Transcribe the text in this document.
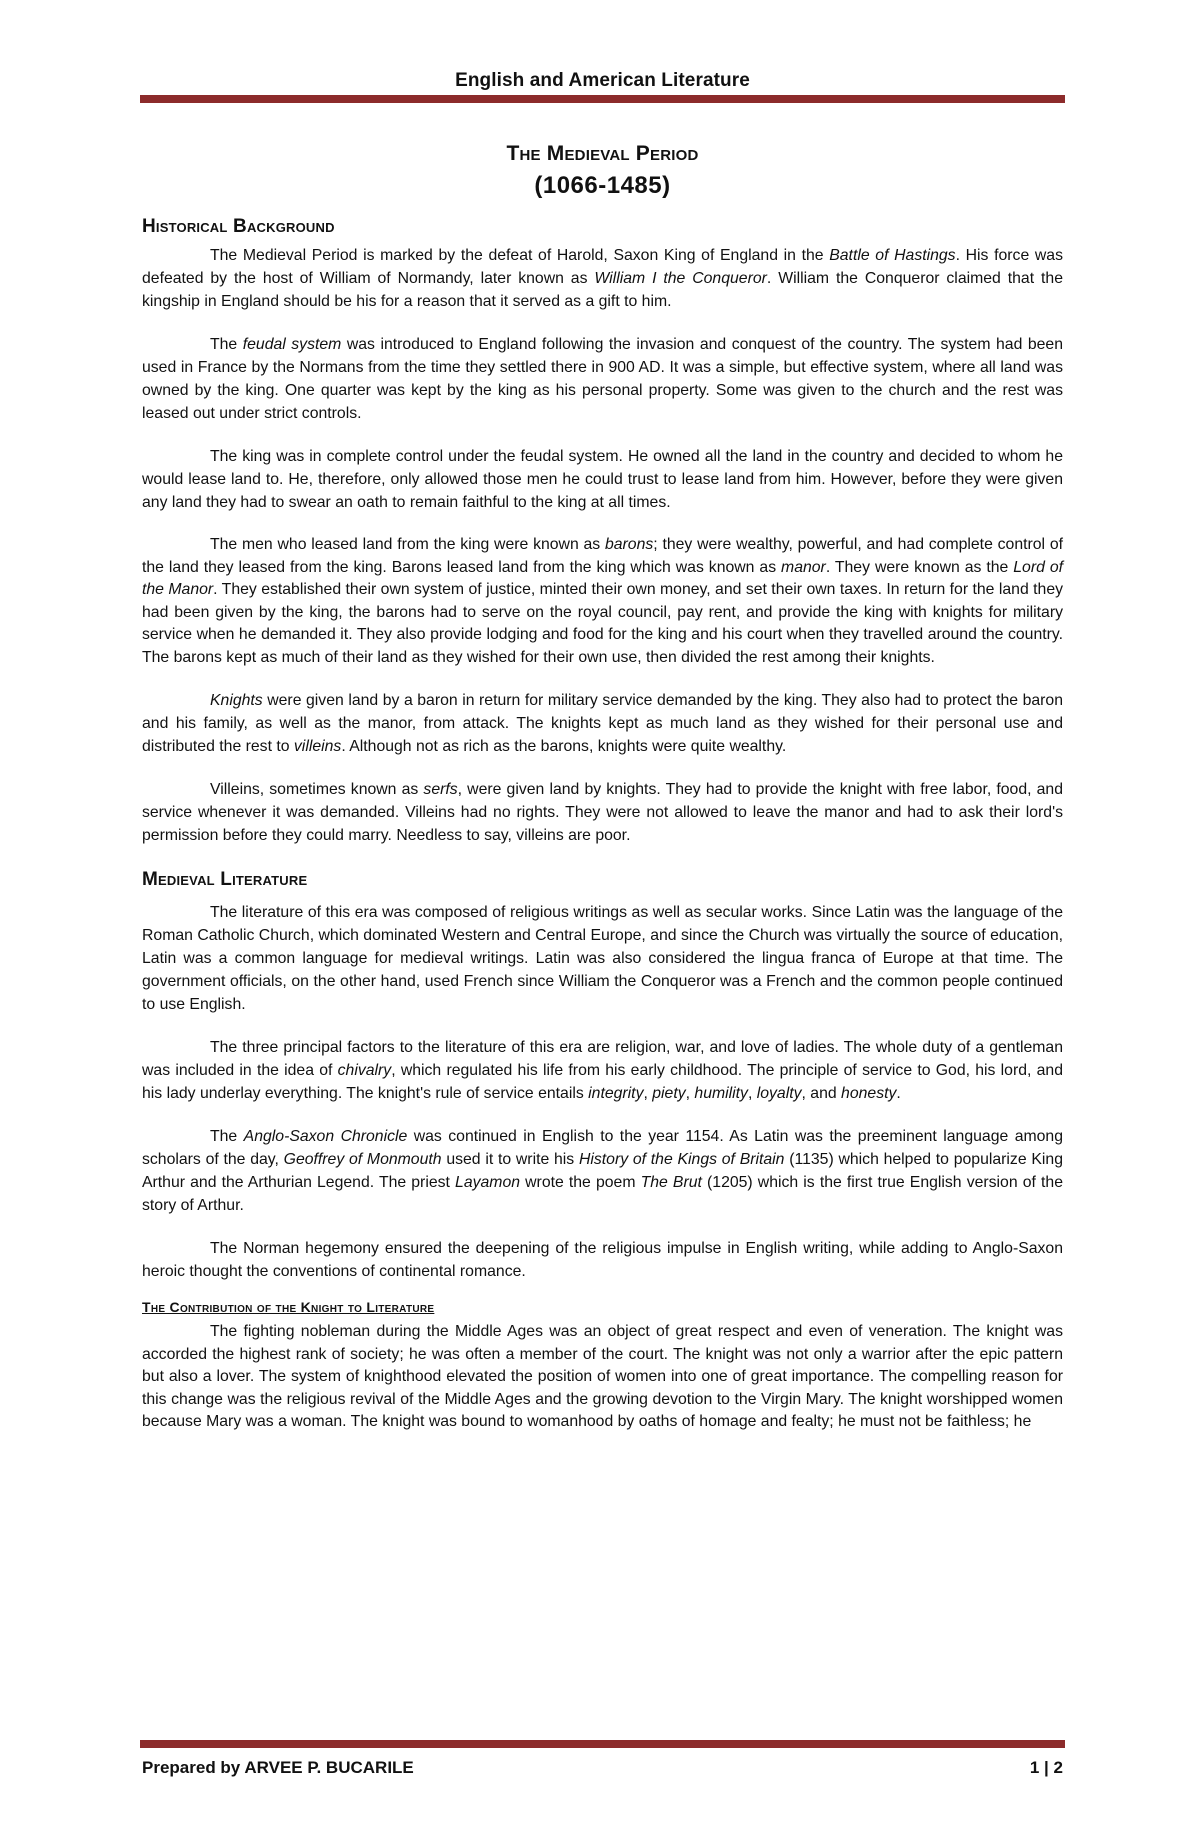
English and American Literature
The Medieval Period
(1066-1485)
Historical Background

The Medieval Period is marked by the defeat of Harold, Saxon King of England in the Battle of Hastings. His force was defeated by the host of William of Normandy, later known as William I the Conqueror. William the Conqueror claimed that the kingship in England should be his for a reason that it served as a gift to him.

The feudal system was introduced to England following the invasion and conquest of the country. The system had been used in France by the Normans from the time they settled there in 900 AD. It was a simple, but effective system, where all land was owned by the king. One quarter was kept by the king as his personal property. Some was given to the church and the rest was leased out under strict controls.

The king was in complete control under the feudal system. He owned all the land in the country and decided to whom he would lease land to. He, therefore, only allowed those men he could trust to lease land from him. However, before they were given any land they had to swear an oath to remain faithful to the king at all times.

The men who leased land from the king were known as barons; they were wealthy, powerful, and had complete control of the land they leased from the king. Barons leased land from the king which was known as manor. They were known as the Lord of the Manor. They established their own system of justice, minted their own money, and set their own taxes. In return for the land they had been given by the king, the barons had to serve on the royal council, pay rent, and provide the king with knights for military service when he demanded it. They also provide lodging and food for the king and his court when they travelled around the country. The barons kept as much of their land as they wished for their own use, then divided the rest among their knights.

Knights were given land by a baron in return for military service demanded by the king. They also had to protect the baron and his family, as well as the manor, from attack. The knights kept as much land as they wished for their personal use and distributed the rest to villeins. Although not as rich as the barons, knights were quite wealthy.

Villeins, sometimes known as serfs, were given land by knights. They had to provide the knight with free labor, food, and service whenever it was demanded. Villeins had no rights. They were not allowed to leave the manor and had to ask their lord's permission before they could marry. Needless to say, villeins are poor.

Medieval Literature

The literature of this era was composed of religious writings as well as secular works. Since Latin was the language of the Roman Catholic Church, which dominated Western and Central Europe, and since the Church was virtually the source of education, Latin was a common language for medieval writings. Latin was also considered the lingua franca of Europe at that time. The government officials, on the other hand, used French since William the Conqueror was a French and the common people continued to use English.

The three principal factors to the literature of this era are religion, war, and love of ladies. The whole duty of a gentleman was included in the idea of chivalry, which regulated his life from his early childhood. The principle of service to God, his lord, and his lady underlay everything. The knight's rule of service entails integrity, piety, humility, loyalty, and honesty.

The Anglo-Saxon Chronicle was continued in English to the year 1154. As Latin was the preeminent language among scholars of the day, Geoffrey of Monmouth used it to write his History of the Kings of Britain (1135) which helped to popularize King Arthur and the Arthurian Legend. The priest Layamon wrote the poem The Brut (1205) which is the first true English version of the story of Arthur.

The Norman hegemony ensured the deepening of the religious impulse in English writing, while adding to Anglo-Saxon heroic thought the conventions of continental romance.

The Contribution of the Knight to Literature

The fighting nobleman during the Middle Ages was an object of great respect and even of veneration. The knight was accorded the highest rank of society; he was often a member of the court. The knight was not only a warrior after the epic pattern but also a lover. The system of knighthood elevated the position of women into one of great importance. The compelling reason for this change was the religious revival of the Middle Ages and the growing devotion to the Virgin Mary. The knight worshipped women because Mary was a woman. The knight was bound to womanhood by oaths of homage and fealty; he must not be faithless; he

Prepared by ARVEE P. BUCARILE	1 | 2
